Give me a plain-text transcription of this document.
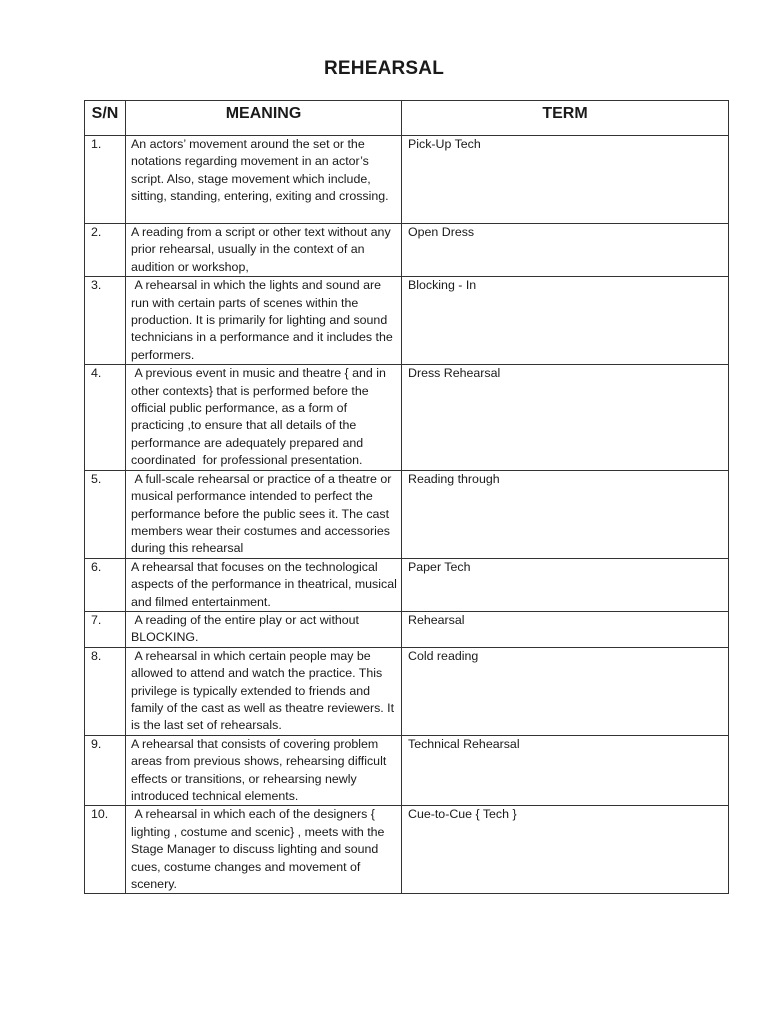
REHEARSAL
S/N	MEANING	TERM
1.	An actors’ movement around the set or the notations regarding movement in an actor’s script. Also, stage movement which include, sitting, standing, entering, exiting and crossing.	Pick-Up Tech
2.	A reading from a script or other text without any prior rehearsal, usually in the context of an audition or workshop,	Open Dress
3.	A rehearsal in which the lights and sound are run with certain parts of scenes within the production. It is primarily for lighting and sound technicians in a performance and it includes the performers.	Blocking - In
4.	A previous event in music and theatre { and in other contexts} that is performed before the official public performance, as a form of practicing ,to ensure that all details of the performance are adequately prepared and coordinated  for professional presentation.	Dress Rehearsal
5.	A full-scale rehearsal or practice of a theatre or musical performance intended to perfect the performance before the public sees it. The cast members wear their costumes and accessories during this rehearsal	Reading through
6.	A rehearsal that focuses on the technological aspects of the performance in theatrical, musical and filmed entertainment.	Paper Tech
7.	A reading of the entire play or act without BLOCKING.	Rehearsal
8.	A rehearsal in which certain people may be allowed to attend and watch the practice. This privilege is typically extended to friends and family of the cast as well as theatre reviewers. It is the last set of rehearsals.	Cold reading
9.	A rehearsal that consists of covering problem areas from previous shows, rehearsing difficult effects or transitions, or rehearsing newly introduced technical elements.	Technical Rehearsal
10.	A rehearsal in which each of the designers { lighting , costume and scenic} , meets with the  Stage Manager to discuss lighting and sound cues, costume changes and movement of scenery.	Cue-to-Cue { Tech }
